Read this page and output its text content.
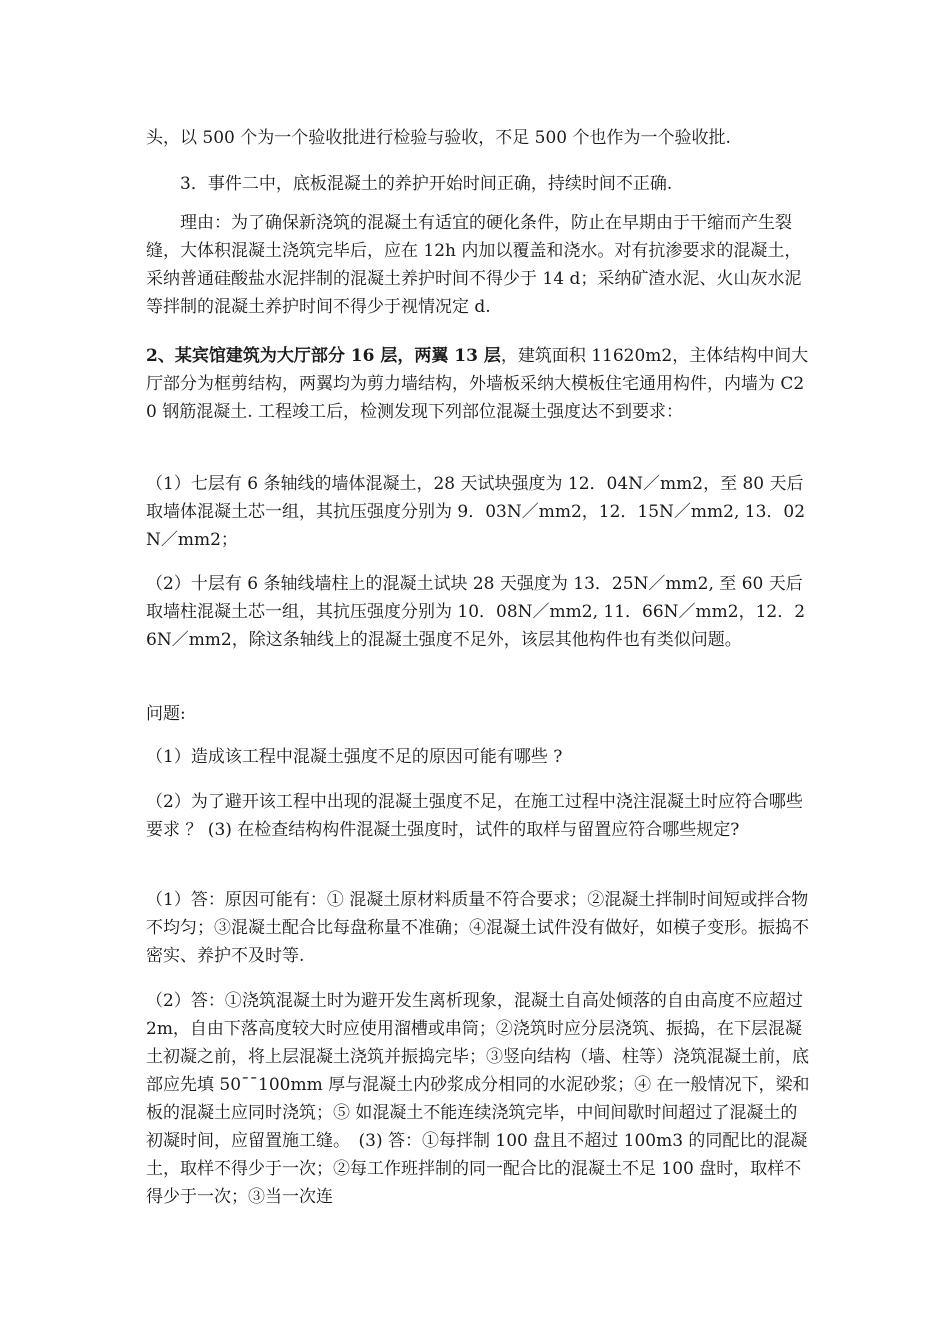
头，以 500 个为一个验收批进行检验与验收，不足 500 个也作为一个验收批.
3．事件二中，底板混凝土的养护开始时间正确，持续时间不正确.
理由：为了确保新浇筑的混凝土有适宜的硬化条件，防止在早期由于干缩而产生裂缝，大体积混凝土浇筑完毕后，应在 12h 内加以覆盖和浇水。对有抗渗要求的混凝土，采纳普通硅酸盐水泥拌制的混凝土养护时间不得少于 14 d；采纳矿渣水泥、火山灰水泥等拌制的混凝土养护时间不得少于视情况定 d.
2、某宾馆建筑为大厅部分 16 层，两翼 13 层，建筑面积 11620m2，主体结构中间大厅部分为框剪结构，两翼均为剪力墙结构，外墙板采纳大模板住宅通用构件，内墙为 C20 钢筋混凝土. 工程竣工后，检测发现下列部位混凝土强度达不到要求：
（1）七层有 6 条轴线的墙体混凝土，28 天试块强度为 12．04N／mm2，至 80 天后取墙体混凝土芯一组，其抗压强度分别为 9．03N／mm2，12．15N／mm2, 13．02N／mm2；
（2）十层有 6 条轴线墙柱上的混凝土试块 28 天强度为 13．25N／mm2, 至 60 天后取墙柱混凝土芯一组，其抗压强度分别为 10．08N／mm2, 11．66N／mm2，12．26N／mm2，除这条轴线上的混凝土强度不足外，该层其他构件也有类似问题。
问题:
（1）造成该工程中混凝土强度不足的原因可能有哪些 ?
（2）为了避开该工程中出现的混凝土强度不足，在施工过程中浇注混凝土时应符合哪些要求 ？ (3) 在检查结构构件混凝土强度时，试件的取样与留置应符合哪些规定?
（1）答：原因可能有：① 混凝土原材料质量不符合要求；②混凝土拌制时间短或拌合物不均匀；③混凝土配合比每盘称量不准确；④混凝土试件没有做好，如模子变形。振捣不密实、养护不及时等.
（2）答：①浇筑混凝土时为避开发生离析现象，混凝土自高处倾落的自由高度不应超过 2m，自由下落高度较大时应使用溜槽或串筒；②浇筑时应分层浇筑、振捣，在下层混凝土初凝之前，将上层混凝土浇筑并振捣完毕；③竖向结构（墙、柱等）浇筑混凝土前，底部应先填 50¯¯100mm 厚与混凝土内砂浆成分相同的水泥砂浆；④ 在一般情况下，梁和板的混凝土应同时浇筑；⑤ 如混凝土不能连续浇筑完毕，中间间歇时间超过了混凝土的初凝时间，应留置施工缝。　(3) 答：①每拌制 100 盘且不超过 100m3 的同配比的混凝土，取样不得少于一次；②每工作班拌制的同一配合比的混凝土不足 100 盘时，取样不得少于一次；③当一次连
